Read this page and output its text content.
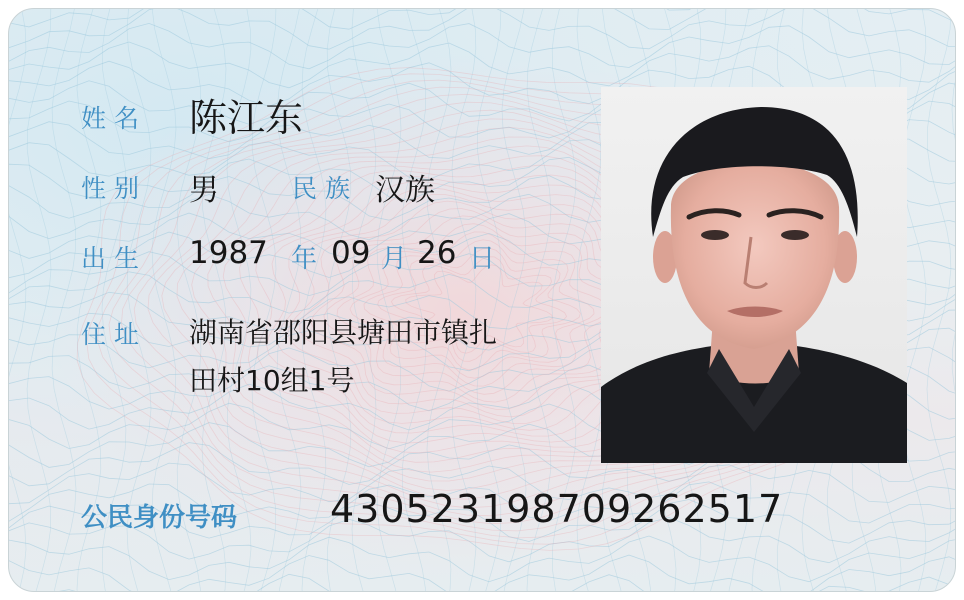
姓 名 陈江东
性 别 男	民 族 汉族
出 生 1987 年 09 月 26 日
住 址 湖南省邵阳县塘田市镇扎
田村10组1号
公民身份号码 430523198709262517
